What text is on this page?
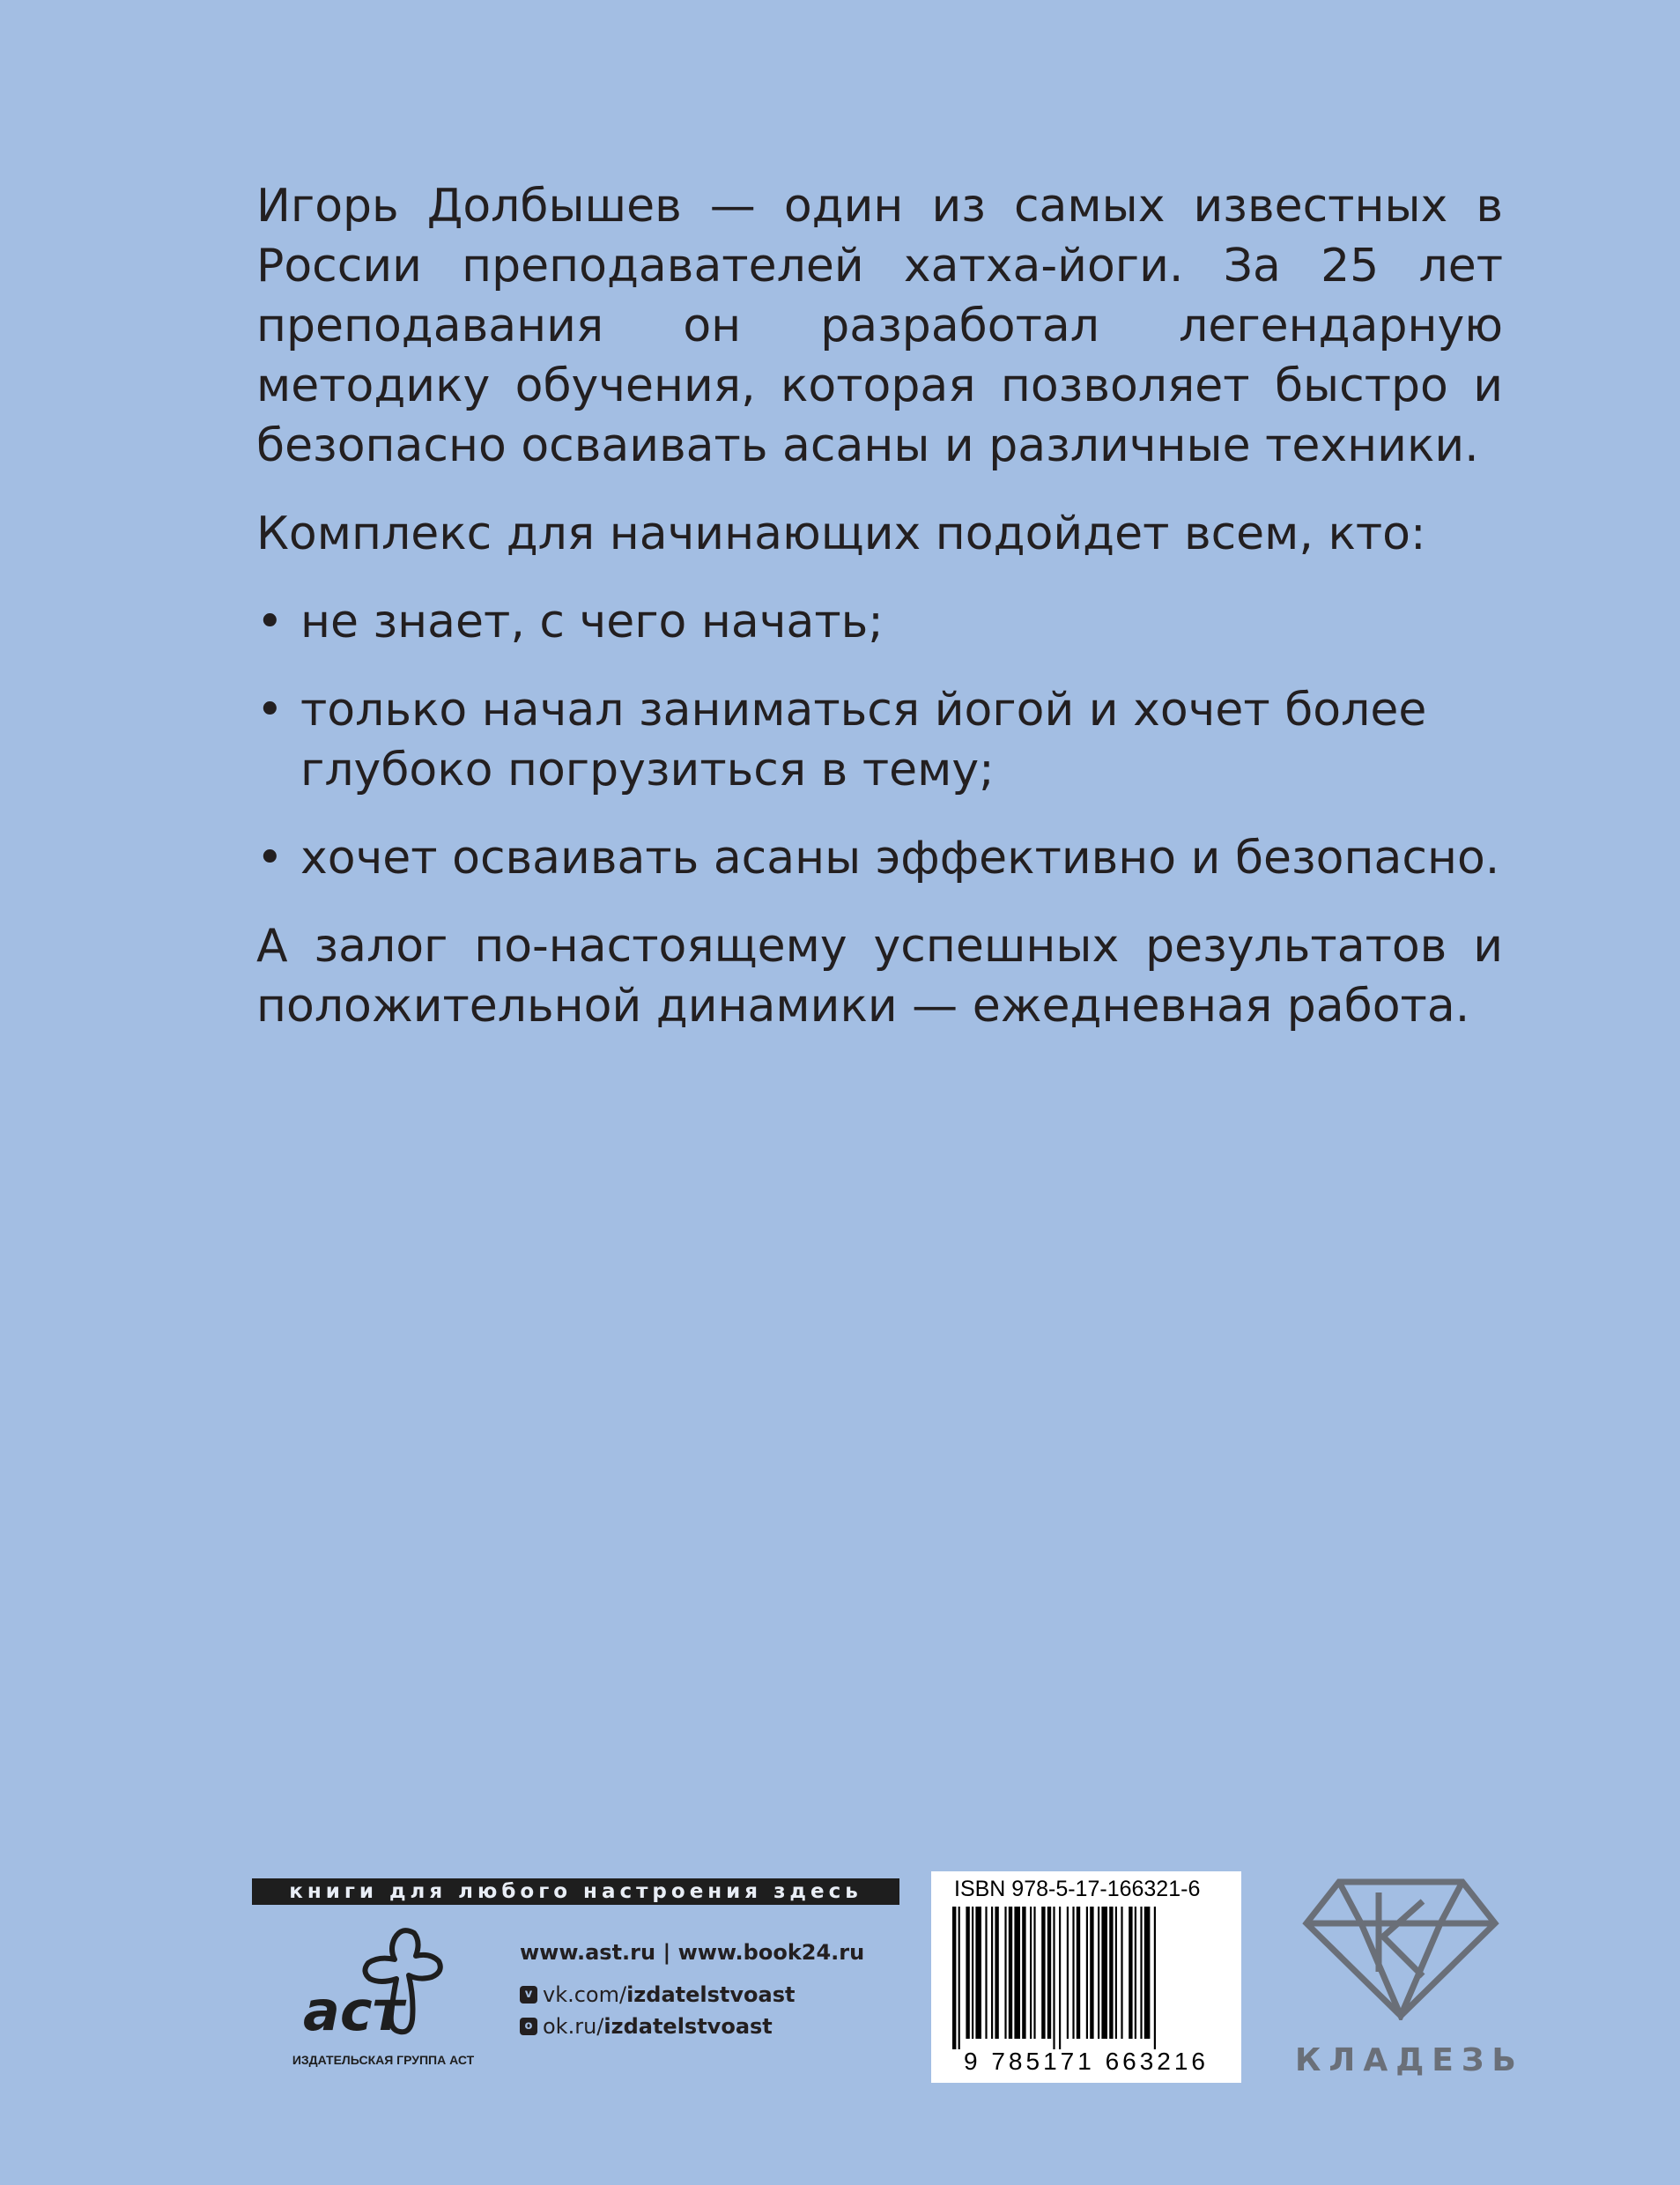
Игорь Долбышев — один из самых известных в России преподавателей хатха-йоги. За 25 лет преподавания он разработал легендарную методику обучения, которая позволяет быстро и безопасно осваивать асаны и различные техники.

Комплекс для начинающих подойдет всем, кто:

• не знает, с чего начать;
• только начал заниматься йогой и хочет более глубоко погрузиться в тему;
• хочет осваивать асаны эффективно и безопасно.

А залог по-настоящему успешных результатов и положительной динамики — ежедневная работа.

книги для любого настроения здесь
аст
ИЗДАТЕЛЬСКАЯ ГРУППА АСТ
www.ast.ru | www.book24.ru
v vk.com/ izdatelstvoast
o ok.ru/ izdatelstvoast
ISBN 978-5-17-166321-6
9 785171 663216	КЛАДЕЗЬ
